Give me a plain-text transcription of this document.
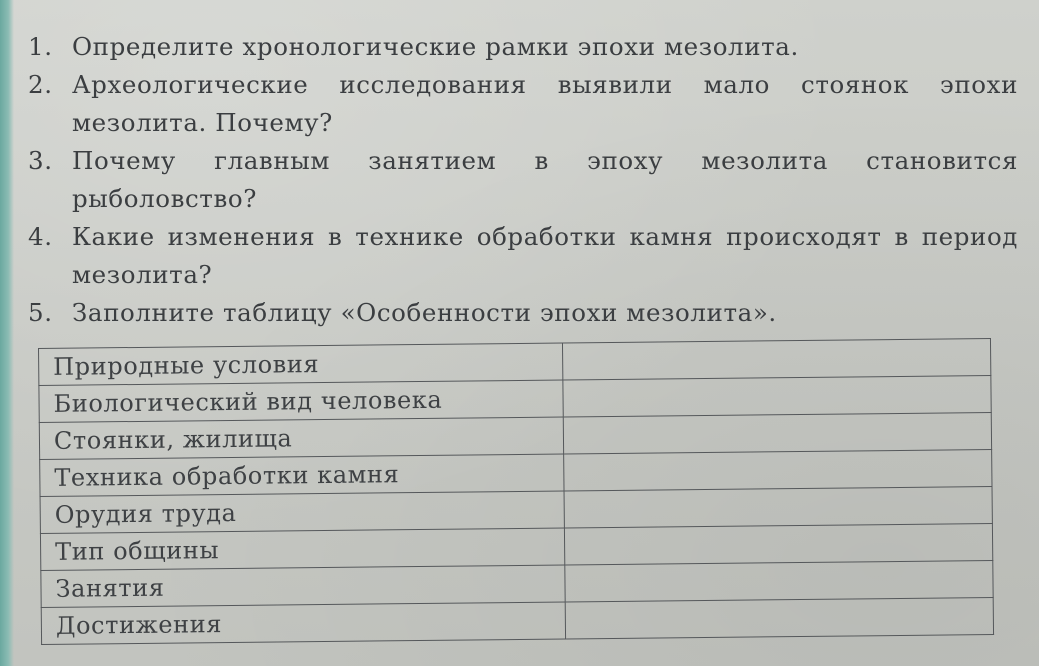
1. Определите хронологические рамки эпохи мезолита.
2. Археологические исследования выявили мало стоянок эпохи мезолита. Почему?
3. Почему главным занятием в эпоху мезолита становится рыболовство?
4. Какие изменения в технике обработки камня происходят в период мезолита?
5. Заполните таблицу «Особенности эпохи мезолита».
Природные условия	
Биологический вид человека	
Стоянки, жилища	
Техника обработки камня	
Орудия труда	
Тип общины	
Занятия	
Достижения	
